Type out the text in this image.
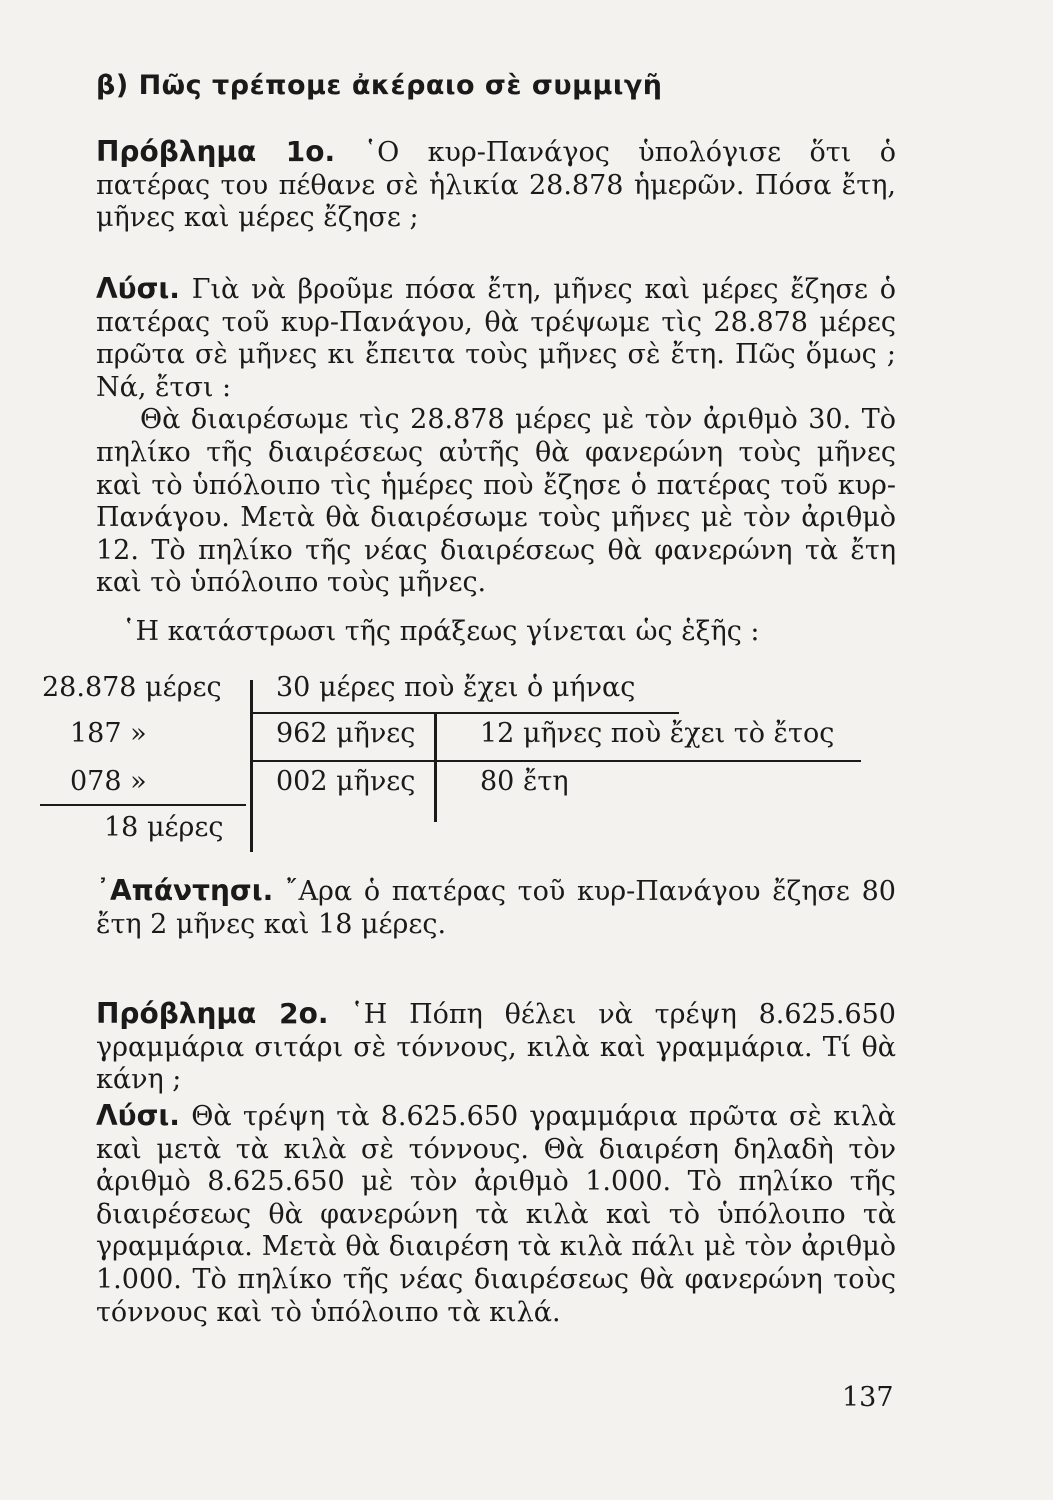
β) Πῶς τρέπομε ἀκέραιο σὲ συμμιγῆ
Πρόβλημα 1ο. ῾Ο κυρ-Πανάγος ὑπολόγισε ὅτι ὁ πατέρας του πέθανε σὲ ἡλικία 28.878 ἡμερῶν. Πόσα ἔτη, μῆνες καὶ μέρες ἔζησε ;
Λύσι. Γιὰ νὰ βροῦμε πόσα ἔτη, μῆνες καὶ μέρες ἔζησε ὁ πατέρας τοῦ κυρ-Πανάγου, θὰ τρέψωμε τὶς 28.878 μέρες πρῶτα σὲ μῆνες κι ἔπειτα τοὺς μῆνες σὲ ἔτη. Πῶς ὅμως ; Νά, ἔτσι :
Θὰ διαιρέσωμε τὶς 28.878 μέρες μὲ τὸν ἀριθμὸ 30. Τὸ πηλίκο τῆς διαιρέσεως αὐτῆς θὰ φανερώνη τοὺς μῆνες καὶ τὸ ὑπόλοιπο τὶς ἡμέρες ποὺ ἔζησε ὁ πατέρας τοῦ κυρ-Πανάγου. Μετὰ θὰ διαιρέσωμε τοὺς μῆνες μὲ τὸν ἀριθμὸ 12. Τὸ πηλίκο τῆς νέας διαιρέσεως θὰ φανερώνη τὰ ἔτη καὶ τὸ ὑπόλοιπο τοὺς μῆνες.
῾Η κατάστρωσι τῆς πράξεως γίνεται ὡς ἑξῆς :
28.878 μέρες
187 »
078 »
18 μέρες
30 μέρες ποὺ ἔχει ὁ μήνας
962 μῆνες 12 μῆνες ποὺ ἔχει τὸ ἔτος
002 μῆνες 80 ἔτη
᾿Απάντησι. ῎Αρα ὁ πατέρας τοῦ κυρ-Πανάγου ἔζησε 80 ἔτη 2 μῆνες καὶ 18 μέρες.
Πρόβλημα 2ο. ῾Η Πόπη θέλει νὰ τρέψη 8.625.650 γραμμάρια σιτάρι σὲ τόννους, κιλὰ καὶ γραμμάρια. Τί θὰ κάνη ;
Λύσι. Θὰ τρέψη τὰ 8.625.650 γραμμάρια πρῶτα σὲ κιλὰ καὶ μετὰ τὰ κιλὰ σὲ τόννους. Θὰ διαιρέση δηλαδὴ τὸν ἀριθμὸ 8.625.650 μὲ τὸν ἀριθμὸ 1.000. Τὸ πηλίκο τῆς διαιρέσεως θὰ φανερώνη τὰ κιλὰ καὶ τὸ ὑπόλοιπο τὰ γραμμάρια. Μετὰ θὰ διαιρέση τὰ κιλὰ πάλι μὲ τὸν ἀριθμὸ 1.000. Τὸ πηλίκο τῆς νέας διαιρέσεως θὰ φανερώνη τοὺς τόννους καὶ τὸ ὑπόλοιπο τὰ κιλά.
137
